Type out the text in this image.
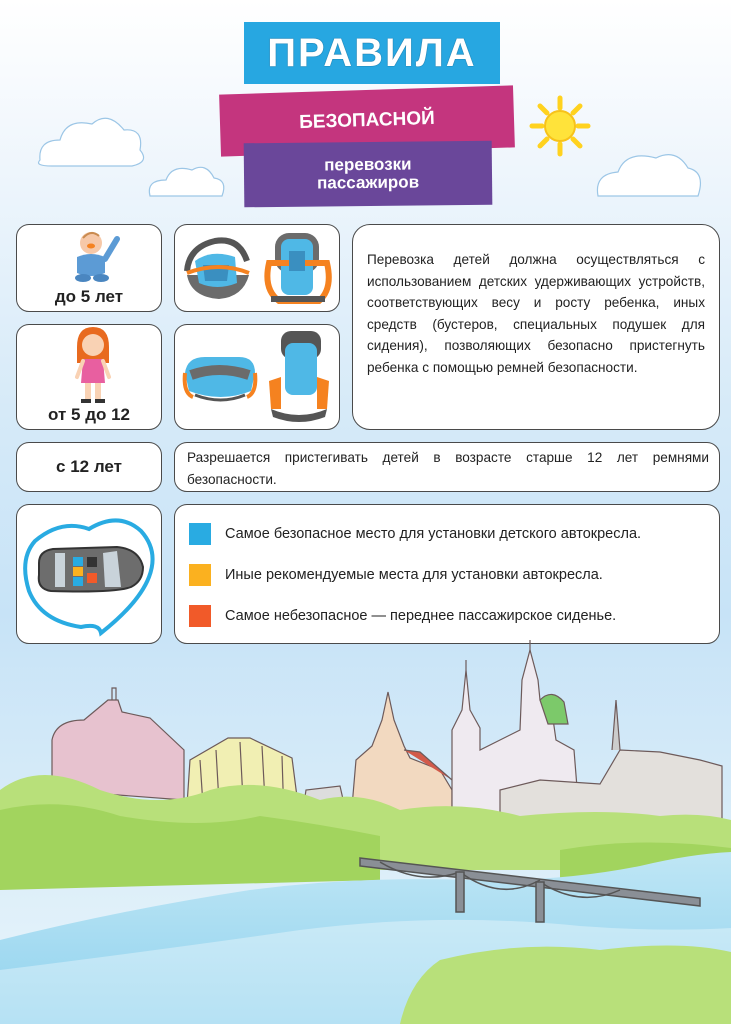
ПРАВИЛА
БЕЗОПАСНОЙ
перевозки
пассажиров
до 5 лет
от 5 до 12
Перевозка детей должна осуществляться с использованием детских удерживающих устройств, соответствующих весу и росту ребенка, иных средств (бустеров, специальных подушек для сидения), позволяющих безопасно пристегнуть ребенка с помощью ремней безопасности.
с 12 лет	Разрешается пристегивать детей в возрасте старше 12 лет ремнями безопасности.
Самое безопасное место для установки детского автокресла.
Иные рекомендуемые места для установки автокресла.
Самое небезопасное — переднее пассажирское сиденье.
